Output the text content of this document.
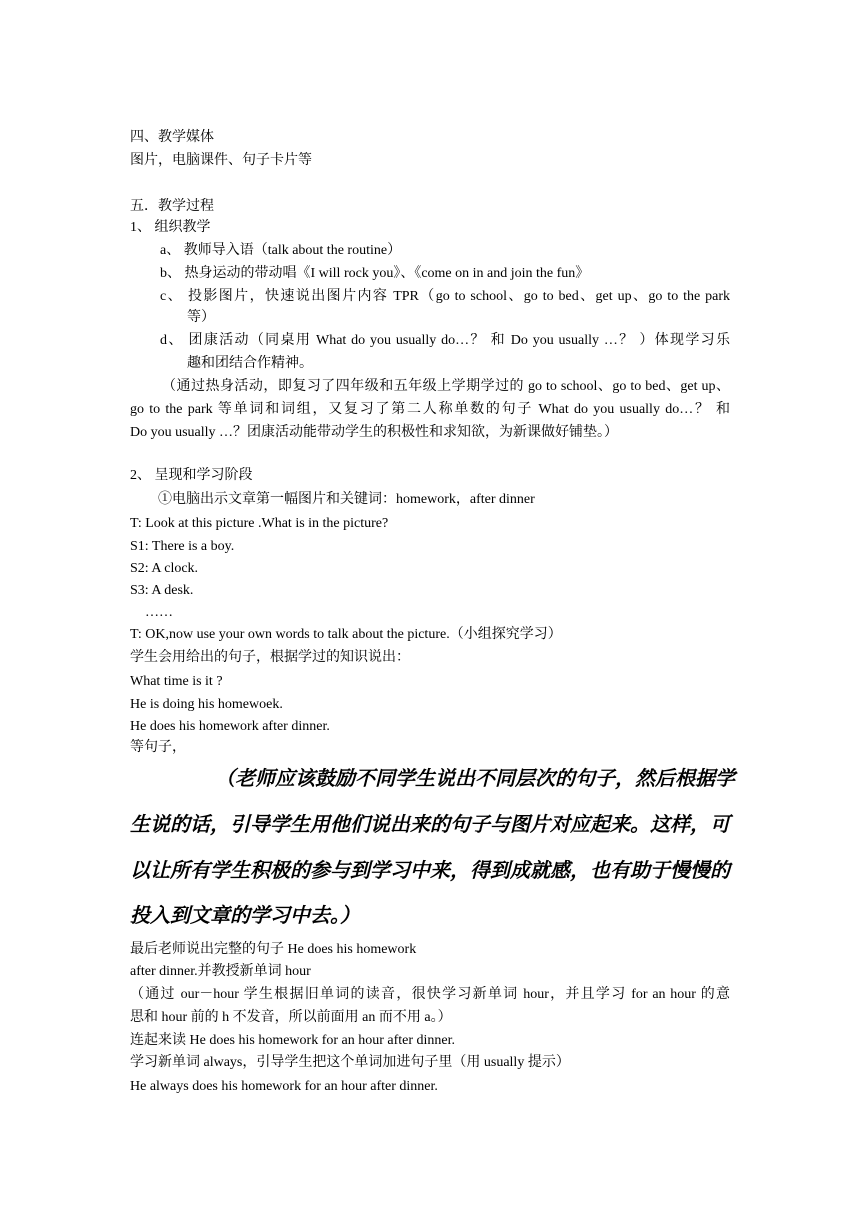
四、教学媒体
图片，电脑课件、句子卡片等
五．教学过程
1、 组织教学
a、 教师导入语（talk about the routine）
b、 热身运动的带动唱《I will rock you》、《come on in and join the fun》
c、 投影图片，快速说出图片内容 TPR（go to school、go to bed、get up、go to the park
等）
d、 团康活动（同桌用 What do you usually do…？ 和 Do you usually …？ ）体现学习乐
趣和团结合作精神。
（通过热身活动，即复习了四年级和五年级上学期学过的 go to school、go to bed、get up、
go to the park 等单词和词组，又复习了第二人称单数的句子 What do you usually do…？ 和
Do you usually …？团康活动能带动学生的积极性和求知欲，为新课做好铺垫。）
2、 呈现和学习阶段
①电脑出示文章第一幅图片和关键词：homework，after dinner
T: Look at this picture .What is in the picture?
S1: There is a boy.
S2: A clock.
S3: A desk.
……
T: OK,now use your own words to talk about the picture.（小组探究学习）
学生会用给出的句子，根据学过的知识说出：
What time is it ?
He is doing his homewoek.
He does his homework after dinner.
等句子，
（老师应该鼓励不同学生说出不同层次的句子，然后根据学
生说的话，引导学生用他们说出来的句子与图片对应起来。这样，可
以让所有学生积极的参与到学习中来，得到成就感，也有助于慢慢的
投入到文章的学习中去。）
最后老师说出完整的句子 He does his homework
after dinner.并教授新单词 hour
（通过 our－hour 学生根据旧单词的读音，很快学习新单词 hour，并且学习 for an hour 的意
思和 hour 前的 h 不发音，所以前面用 an 而不用 a。）
连起来读 He does his homework for an hour after dinner.
学习新单词 always，引导学生把这个单词加进句子里（用 usually 提示）
He always does his homework for an hour after dinner.
